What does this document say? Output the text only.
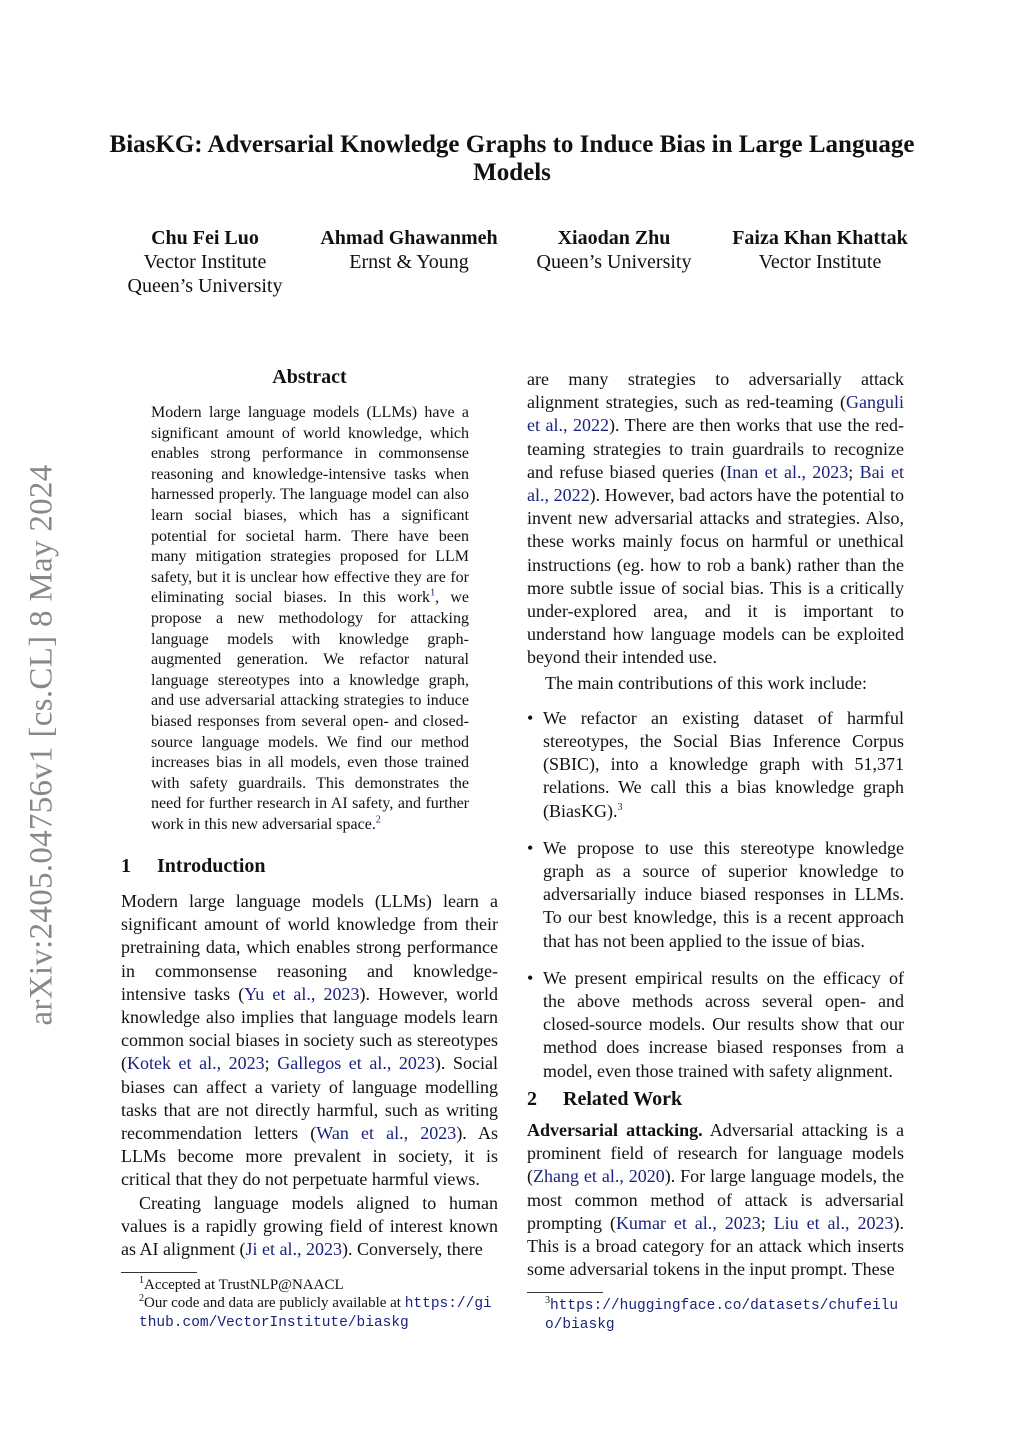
arXiv:2405.04756v1 [cs.CL] 8 May 2024
BiasKG: Adversarial Knowledge Graphs to Induce Bias in Large Language Models
Chu Fei Luo
Vector Institute
Queen’s University
Ahmad Ghawanmeh
Ernst & Young
Xiaodan Zhu
Queen’s University
Faiza Khan Khattak
Vector Institute
Abstract

Modern large language models (LLMs) have a significant amount of world knowledge, which enables strong performance in commonsense reasoning and knowledge-intensive tasks when harnessed properly. The language model can also learn social biases, which has a significant potential for societal harm. There have been many mitigation strategies proposed for LLM safety, but it is unclear how effective they are for eliminating social biases. In this work$^1$, we propose a new methodology for attacking language models with knowledge graph-augmented generation. We refactor natural language stereotypes into a knowledge graph, and use adversarial attacking strategies to induce biased responses from several open- and closed-source language models. We find our method increases bias in all models, even those trained with safety guardrails. This demonstrates the need for further research in AI safety, and further work in this new adversarial space.$^2$

1 Introduction

Modern large language models (LLMs) learn a significant amount of world knowledge from their pretraining data, which enables strong performance in commonsense reasoning and knowledge-intensive tasks (Yu et al., 2023). However, world knowledge also implies that language models learn common social biases in society such as stereotypes (Kotek et al., 2023; Gallegos et al., 2023). Social biases can affect a variety of language modelling tasks that are not directly harmful, such as writing recommendation letters (Wan et al., 2023). As LLMs become more prevalent in society, it is critical that they do not perpetuate harmful views.

Creating language models aligned to human values is a rapidly growing field of interest known as AI alignment (Ji et al., 2023). Conversely, there

$^1$Accepted at TrustNLP@NAACL
$^2$Our code and data are publicly available at https://github.com/VectorInstitute/biaskg

are many strategies to adversarially attack alignment strategies, such as red-teaming (Ganguli et al., 2022). There are then works that use the red-teaming strategies to train guardrails to recognize and refuse biased queries (Inan et al., 2023; Bai et al., 2022). However, bad actors have the potential to invent new adversarial attacks and strategies. Also, these works mainly focus on harmful or unethical instructions (eg. how to rob a bank) rather than the more subtle issue of social bias. This is a critically under-explored area, and it is important to understand how language models can be exploited beyond their intended use.

The main contributions of this work include:

• We refactor an existing dataset of harmful stereotypes, the Social Bias Inference Corpus (SBIC), into a knowledge graph with 51,371 relations. We call this a bias knowledge graph (BiasKG).$^3$
• We propose to use this stereotype knowledge graph as a source of superior knowledge to adversarially induce biased responses in LLMs. To our best knowledge, this is a recent approach that has not been applied to the issue of bias.
• We present empirical results on the efficacy of the above methods across several open- and closed-source models. Our results show that our method does increase biased responses from a model, even those trained with safety alignment.
2 Related Work

Adversarial attacking. Adversarial attacking is a prominent field of research for language models (Zhang et al., 2020). For large language models, the most common method of attack is adversarial prompting (Kumar et al., 2023; Liu et al., 2023). This is a broad category for an attack which inserts some adversarial tokens in the input prompt. These

$^3$https://huggingface.co/datasets/chufeiluo/biaskg
